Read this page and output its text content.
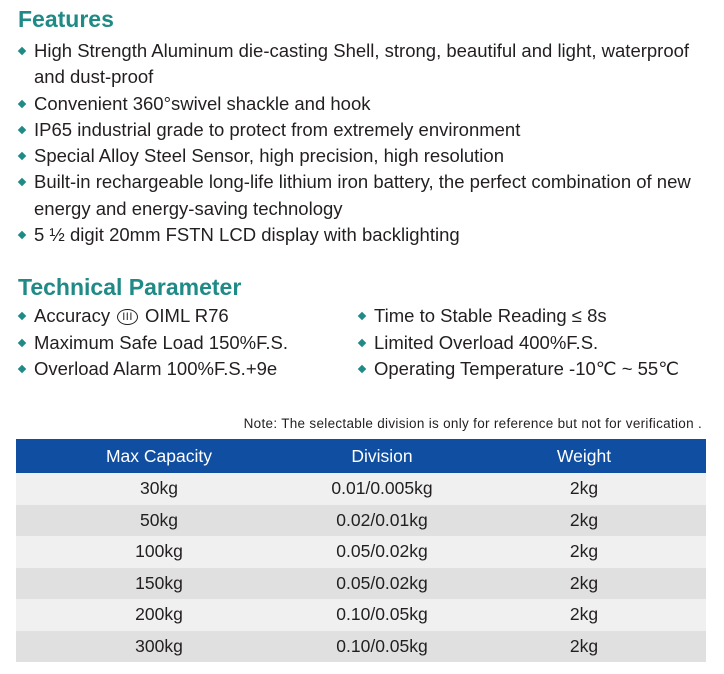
Features
High Strength Aluminum die-casting Shell, strong, beautiful and light, waterproof and dust-proof
Convenient 360°swivel shackle and hook
IP65 industrial grade to protect from extremely environment
Special Alloy Steel Sensor, high precision, high resolution
Built-in rechargeable long-life lithium iron battery, the perfect combination of new energy and energy-saving technology
5 ½ digit 20mm FSTN LCD display with backlighting
Technical Parameter
Accuracy III OIML R76	Time to Stable Reading ≤ 8s
Maximum Safe Load 150%F.S.	Limited Overload 400%F.S.
Overload Alarm 100%F.S.+9e	Operating Temperature -10℃ ~ 55℃
Note: The selectable division is only for reference but not for verification .
Max Capacity	Division	Weight
30kg	0.01/0.005kg	2kg
50kg	0.02/0.01kg	2kg
100kg	0.05/0.02kg	2kg
150kg	0.05/0.02kg	2kg
200kg	0.10/0.05kg	2kg
300kg	0.10/0.05kg	2kg
